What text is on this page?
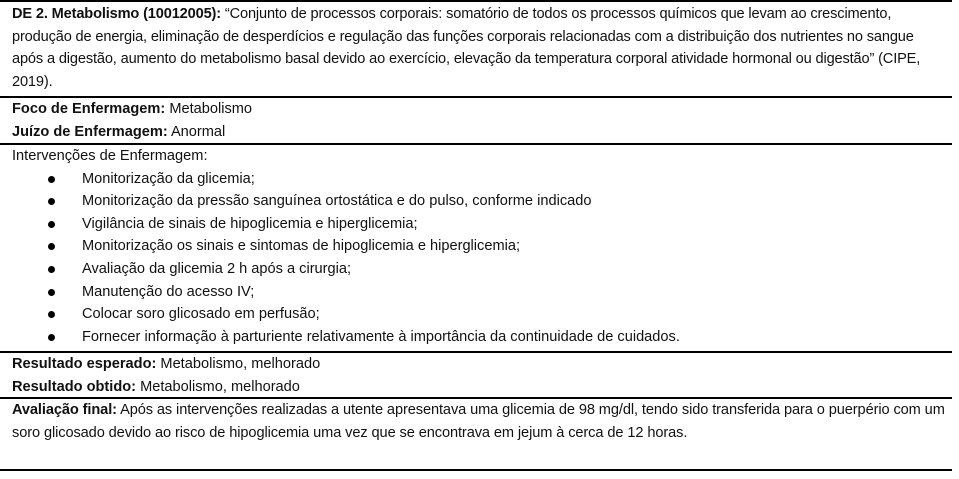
DE 2. Metabolismo (10012005): “Conjunto de processos corporais: somatório de todos os processos químicos que levam ao crescimento, produção de energia, eliminação de desperdícios e regulação das funções corporais relacionadas com a distribuição dos nutrientes no sangue após a digestão, aumento do metabolismo basal devido ao exercício, elevação da temperatura corporal atividade hormonal ou digestão” (CIPE, 2019).
Foco de Enfermagem: Metabolismo
Juízo de Enfermagem: Anormal
Intervenções de Enfermagem:
Monitorização da glicemia;
Monitorização da pressão sanguínea ortostática e do pulso, conforme indicado
Vigilância de sinais de hipoglicemia e hiperglicemia;
Monitorização os sinais e sintomas de hipoglicemia e hiperglicemia;
Avaliação da glicemia 2 h após a cirurgia;
Manutenção do acesso IV;
Colocar soro glicosado em perfusão;
Fornecer informação à parturiente relativamente à importância da continuidade de cuidados.
Resultado esperado: Metabolismo, melhorado
Resultado obtido: Metabolismo, melhorado
Avaliação final: Após as intervenções realizadas a utente apresentava uma glicemia de 98 mg/dl, tendo sido transferida para o puerpério com um soro glicosado devido ao risco de hipoglicemia uma vez que se encontrava em jejum à cerca de 12 horas.
